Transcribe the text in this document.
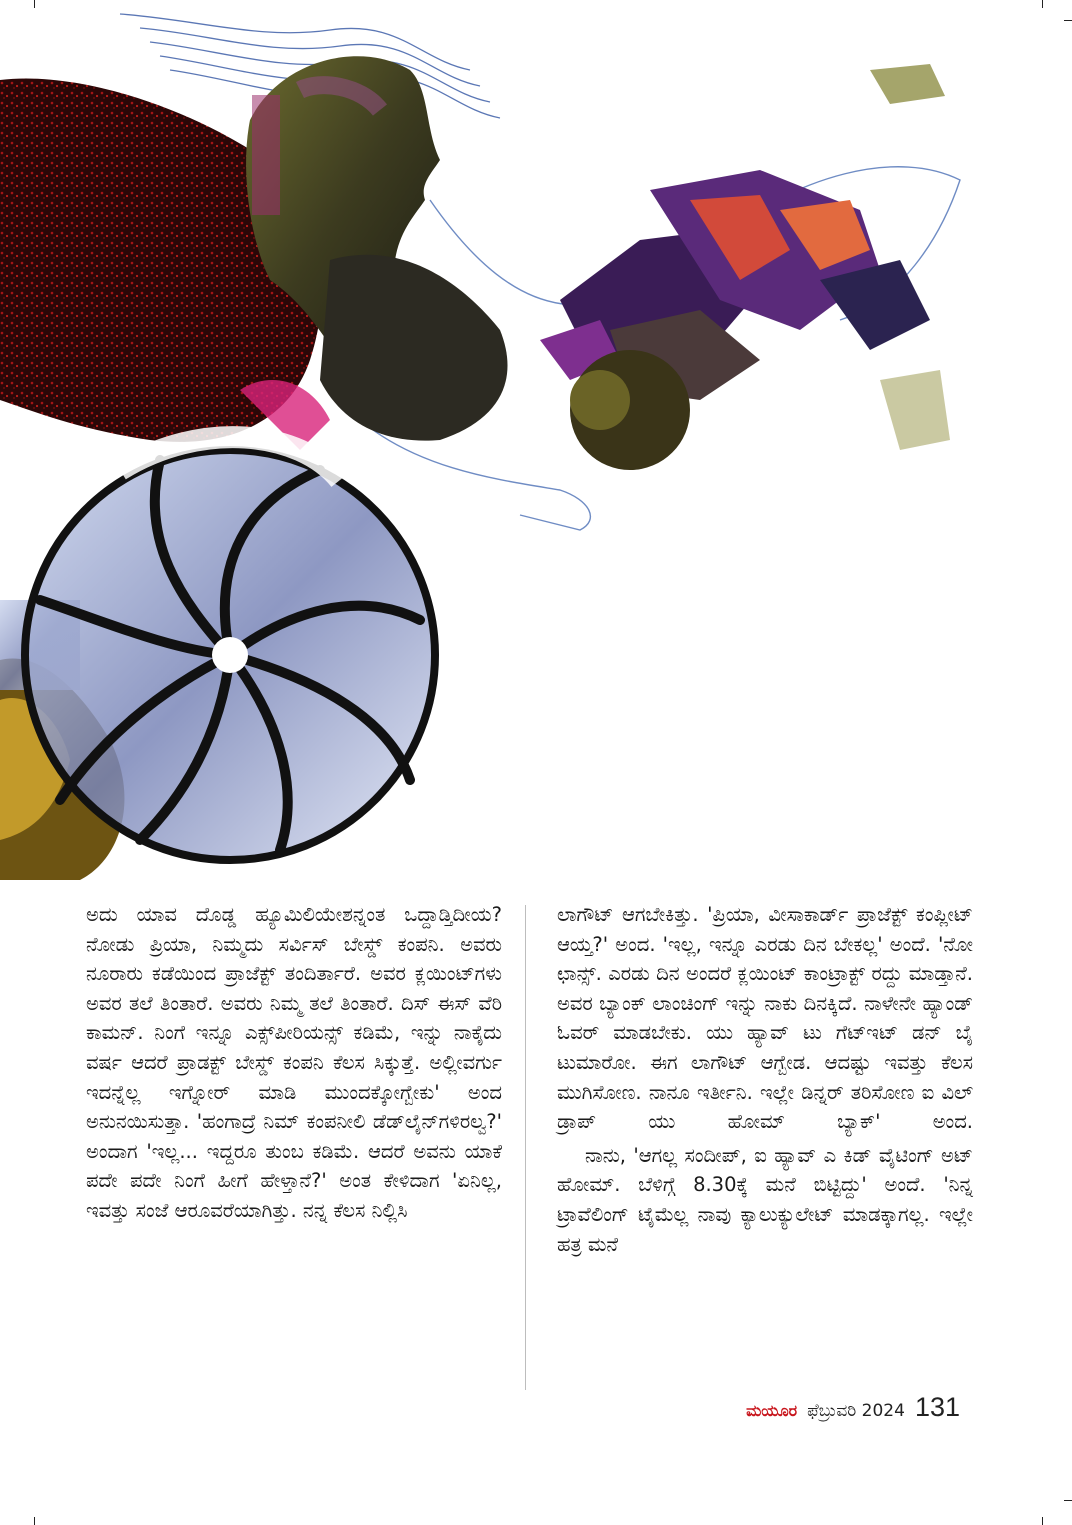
ಅದು ಯಾವ ದೊಡ್ಡ ಹ್ಯೂಮಿಲಿಯೇಶನ್ನಂತ ಒದ್ದಾಡ್ತಿದೀಯ? ನೋಡು ಪ್ರಿಯಾ, ನಿಮ್ಮದು ಸರ್ವಿಸ್ ಬೇಸ್ಡ್ ಕಂಪನಿ. ಅವರು ನೂರಾರು ಕಡೆಯಿಂದ ಪ್ರಾಜೆಕ್ಟ್ ತಂದಿರ್ತಾರೆ. ಅವರ ಕ್ಲಯಿಂಟ್‌ಗಳು ಅವರ ತಲೆ ತಿಂತಾರೆ. ಅವರು ನಿಮ್ಮ ತಲೆ ತಿಂತಾರೆ. ದಿಸ್ ಈಸ್ ವೆರಿ ಕಾಮನ್. ನಿಂಗೆ ಇನ್ನೂ ಎಕ್ಸ್‌ಪೀರಿಯನ್ಸ್ ಕಡಿಮೆ, ಇನ್ನು ನಾಕೈದು ವರ್ಷ ಆದರೆ ಪ್ರಾಡಕ್ಟ್ ಬೇಸ್ಡ್ ಕಂಪನಿ ಕೆಲಸ ಸಿಕ್ಕುತ್ತೆ. ಅಲ್ಲೀವರ್ಗು ಇದನ್ನೆಲ್ಲ ಇಗ್ನೋರ್ ಮಾಡಿ ಮುಂದಕ್ಕೋಗ್ಬೇಕು' ಅಂದ ಅನುನಯಿಸುತ್ತಾ. 'ಹಂಗಾದ್ರೆ ನಿಮ್ ಕಂಪನೀಲಿ ಡೆಡ್‌ಲೈನ್‌ಗಳಿರಲ್ವ?' ಅಂದಾಗ 'ಇಲ್ಲ... ಇದ್ದರೂ ತುಂಬ ಕಡಿಮೆ. ಆದರೆ ಅವನು ಯಾಕೆ ಪದೇ ಪದೇ ನಿಂಗೆ ಹೀಗೆ ಹೇಳ್ತಾನೆ?' ಅಂತ ಕೇಳಿದಾಗ 'ಏನಿಲ್ಲ, ಇವತ್ತು ಸಂಜೆ ಆರೂವರೆಯಾಗಿತ್ತು. ನನ್ನ ಕೆಲಸ ನಿಲ್ಲಿಸಿ

ಲಾಗೌಟ್ ಆಗಬೇಕಿತ್ತು. 'ಪ್ರಿಯಾ, ವೀಸಾಕಾರ್ಡ್ ಪ್ರಾಜೆಕ್ಟ್ ಕಂಪ್ಲೀಟ್ ಆಯ್ತ?' ಅಂದ. 'ಇಲ್ಲ, ಇನ್ನೂ ಎರಡು ದಿನ ಬೇಕಲ್ಲ' ಅಂದೆ. 'ನೋ ಛಾನ್ಸ್. ಎರಡು ದಿನ ಅಂದರೆ ಕ್ಲಯಿಂಟ್ ಕಾಂಟ್ರಾಕ್ಟ್ ರದ್ದು ಮಾಡ್ತಾನೆ. ಅವರ ಬ್ಯಾಂಕ್ ಲಾಂಚಿಂಗ್ ಇನ್ನು ನಾಕು ದಿನಕ್ಕಿದೆ. ನಾಳೇನೇ ಹ್ಯಾಂಡ್ ಓವರ್ ಮಾಡಬೇಕು. ಯು ಹ್ಯಾವ್ ಟು ಗೆಟ್‌ಇಟ್ ಡನ್ ಬೈ ಟುಮಾರೋ. ಈಗ ಲಾಗೌಟ್ ಆಗ್ಬೇಡ. ಆದಷ್ಟು ಇವತ್ತು ಕೆಲಸ ಮುಗಿಸೋಣ. ನಾನೂ ಇರ್ತೀನಿ. ಇಲ್ಲೇ ಡಿನ್ನರ್ ತರಿಸೋಣ ಐ ವಿಲ್ ಡ್ರಾಪ್ ಯು ಹೋಮ್ ಬ್ಯಾಕ್' ಅಂದ.

ನಾನು, 'ಆಗಲ್ಲ ಸಂದೀಪ್, ಐ ಹ್ಯಾವ್ ಎ ಕಿಡ್ ವೈಟಿಂಗ್ ಅಟ್ ಹೋಮ್. ಬೆಳಿಗ್ಗೆ 8.30ಕ್ಕೆ ಮನೆ ಬಿಟ್ಟಿದ್ದು' ಅಂದೆ. 'ನಿನ್ನ ಟ್ರಾವೆಲಿಂಗ್ ಟೈಮೆಲ್ಲ ನಾವು ಕ್ಯಾಲುಕ್ಯುಲೇಟ್ ಮಾಡಕ್ಕಾಗಲ್ಲ. ಇಲ್ಲೇ ಹತ್ರ ಮನೆ

ಮಯೂರ ಫೆಬ್ರುವರಿ 2024 131
